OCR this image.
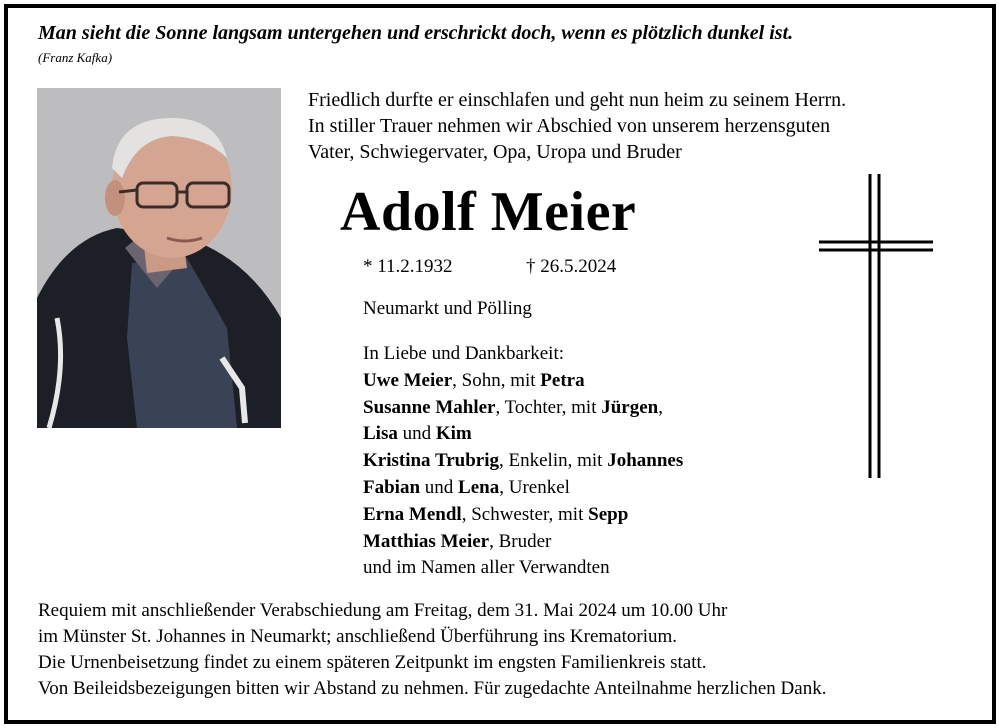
Man sieht die Sonne langsam untergehen und erschrickt doch, wenn es plötzlich dunkel ist.
(Franz Kafka)
Friedlich durfte er einschlafen und geht nun heim zu seinem Herrn.
In stiller Trauer nehmen wir Abschied von unserem herzensguten
Vater, Schwiegervater, Opa, Uropa und Bruder
Adolf Meier
* 11.2.1932	† 26.5.2024
Neumarkt und Pölling
In Liebe und Dankbarkeit:
Uwe Meier, Sohn, mit Petra
Susanne Mahler, Tochter, mit Jürgen,
Lisa und Kim
Kristina Trubrig, Enkelin, mit Johannes
Fabian und Lena, Urenkel
Erna Mendl, Schwester, mit Sepp
Matthias Meier, Bruder
und im Namen aller Verwandten
Requiem mit anschließender Verabschiedung am Freitag, dem 31. Mai 2024 um 10.00 Uhr
im Münster St. Johannes in Neumarkt; anschließend Überführung ins Krematorium.
Die Urnenbeisetzung findet zu einem späteren Zeitpunkt im engsten Familienkreis statt.
Von Beileidsbezeigungen bitten wir Abstand zu nehmen. Für zugedachte Anteilnahme herzlichen Dank.
